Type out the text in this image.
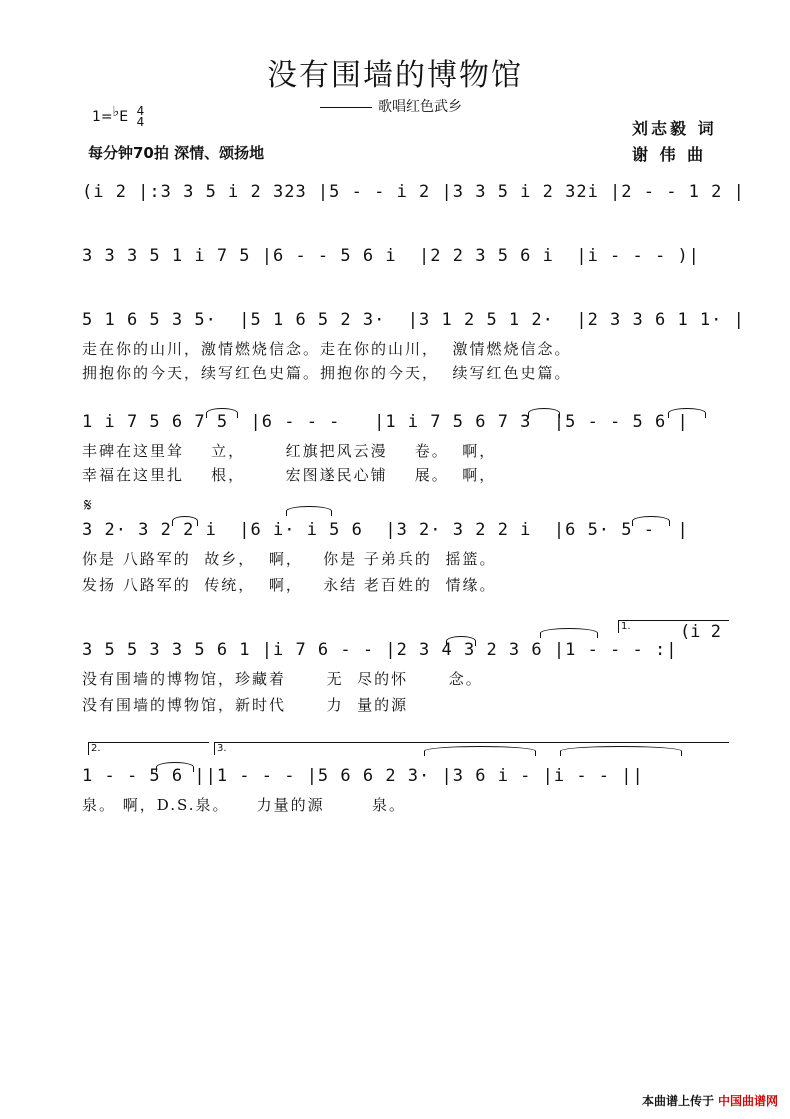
没有围墙的博物馆
歌唱红色武乡
1=♭E 4
4
每分钟70拍 深情、颂扬地
刘志毅 词
谢 伟 曲
(i 2 |:3 3 5 i 2 323 |5 - - i 2 |3 3 5 i 2 32i |2 - - 1 2 |
3 3 3 5 1 i 7 5 |6 - - 5 6 i  |2 2 3 5 6 i  |i - - - )|
5 1 6 5 3 5·  |5 1 6 5 2 3·  |3 1 2 5 1 2·  |2 3 3 6 1 1· |
走在你的山川，激情燃烧信念。走在你的山川，  激情燃烧信念。
拥抱你的今天，续写红色史篇。拥抱你的今天，  续写红色史篇。
1 i 7 5 6 7 5  |6 - - -   |1 i 7 5 6 7 3  |5 - - 5 6 |
丰碑在这里耸    立，      红旗把风云漫    卷。  啊，
幸福在这里扎    根，      宏图遂民心铺    展。  啊，
𝄋
3 2· 3 2 2 i  |6 i· i 5 6  |3 2· 3 2 2 i  |6 5· 5 -  |
你是 八路军的  故乡，  啊，   你是 子弟兵的  摇篮。
发扬 八路军的  传统，  啊，   永结 老百姓的  情缘。
1.	(i 2
3 5 5 3 3 5 6 1 |i 7 6 - - |2 3 4 3 2 3 6 |1 - - - :|
没有围墙的博物馆，珍藏着      无  尽的怀      念。
没有围墙的博物馆，新时代      力  量的源
2.	3.
1 - - 5 6 ||1 - - - |5 6 6 2 3· |3 6 i - |i - - ||
泉。 啊，D.S.泉。    力量的源       泉。
本曲谱上传于 中国曲谱网
